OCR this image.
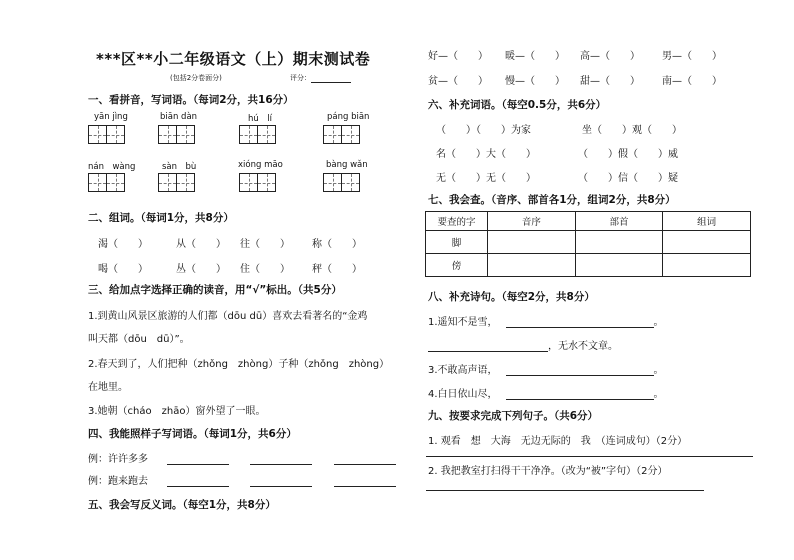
***区**小二年级语文（上）期末测试卷
(包括2分卷面分)	评分：
一、看拼音，写词语。（每词2分，共16分）
yān jìng	biān dàn	hú　lí	páng biān
nán　wàng	sàn　bù	xióng māo	bàng wǎn
二、组词。（每词1分，共8分）
渴（　　）	从（　　） 往（　　） 称（　　）
喝（　　）	丛（　　） 住（　　） 秤（　　）
三、给加点字选择正确的读音，用“√”标出。（共5分）
1.到黄山风景区旅游的人们都（dōu dū）喜欢去看著名的“金鸡
叫天都（dōu　dū）”。
2.春天到了，人们把种（zhǒng　zhòng）子种（zhǒng　zhòng）
在地里。
3.她朝（cháo　zhāo）窗外望了一眼。
四、我能照样子写词语。（每词1分，共6分）
例：许许多多
例：跑来跑去
五、我会写反义词。（每空1分，共8分）
好—（　　） 暖—（　　） 高—（　　） 男—（　　）
贫—（　　） 慢—（　　） 甜—（　　） 南—（　　）
六、补充词语。（每空0.5分，共6分）
（　　）（　　）为家	坐（　　）观（　　）
名（　　）大（　　）	（　　）假（　　）威
无（　　）无（　　）	（　　）信（　　）疑
七、我会查。（音序、部首各1分，组词2分，共8分）
要查的字	音序	部首	组词
脚			
傍			
八、补充诗句。（每空2分，共8分）
1.遥知不是雪，	。
，无水不文章。
3.不敢高声语，	。
4.白日依山尽，	。
九、按要求完成下列句子。（共6分）
1. 观看　想　大海　无边无际的　我　（连词成句）（2分）
2. 我把教室打扫得干干净净。（改为“被”字句）（2分）
